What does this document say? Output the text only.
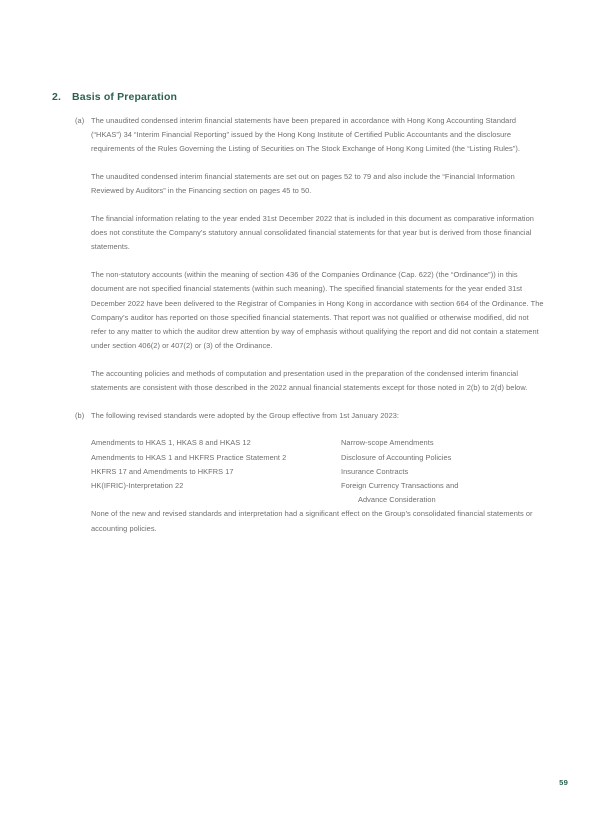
2.	Basis of Preparation
(a) The unaudited condensed interim financial statements have been prepared in accordance with Hong Kong Accounting Standard (“HKAS”) 34 “Interim Financial Reporting” issued by the Hong Kong Institute of Certified Public Accountants and the disclosure requirements of the Rules Governing the Listing of Securities on The Stock Exchange of Hong Kong Limited (the “Listing Rules”).

The unaudited condensed interim financial statements are set out on pages 52 to 79 and also include the “Financial Information Reviewed by Auditors” in the Financing section on pages 45 to 50.

The financial information relating to the year ended 31st December 2022 that is included in this document as comparative information does not constitute the Company’s statutory annual consolidated financial statements for that year but is derived from those financial statements.

The non-statutory accounts (within the meaning of section 436 of the Companies Ordinance (Cap. 622) (the “Ordinance”)) in this document are not specified financial statements (within such meaning). The specified financial statements for the year ended 31st December 2022 have been delivered to the Registrar of Companies in Hong Kong in accordance with section 664 of the Ordinance. The Company’s auditor has reported on those specified financial statements. That report was not qualified or otherwise modified, did not refer to any matter to which the auditor drew attention by way of emphasis without qualifying the report and did not contain a statement under section 406(2) or 407(2) or (3) of the Ordinance.

The accounting policies and methods of computation and presentation used in the preparation of the condensed interim financial statements are consistent with those described in the 2022 annual financial statements except for those noted in 2(b) to 2(d) below.

(b) The following revised standards were adopted by the Group effective from 1st January 2023:

Amendments to HKAS 1, HKAS 8 and HKAS 12
Amendments to HKAS 1 and HKFRS Practice Statement 2
HKFRS 17 and Amendments to HKFRS 17
HK(IFRIC)-Interpretation 22
Narrow-scope Amendments
Disclosure of Accounting Policies
Insurance Contracts
Foreign Currency Transactions and
Advance Consideration

None of the new and revised standards and interpretation had a significant effect on the Group’s consolidated financial statements or accounting policies.

59
